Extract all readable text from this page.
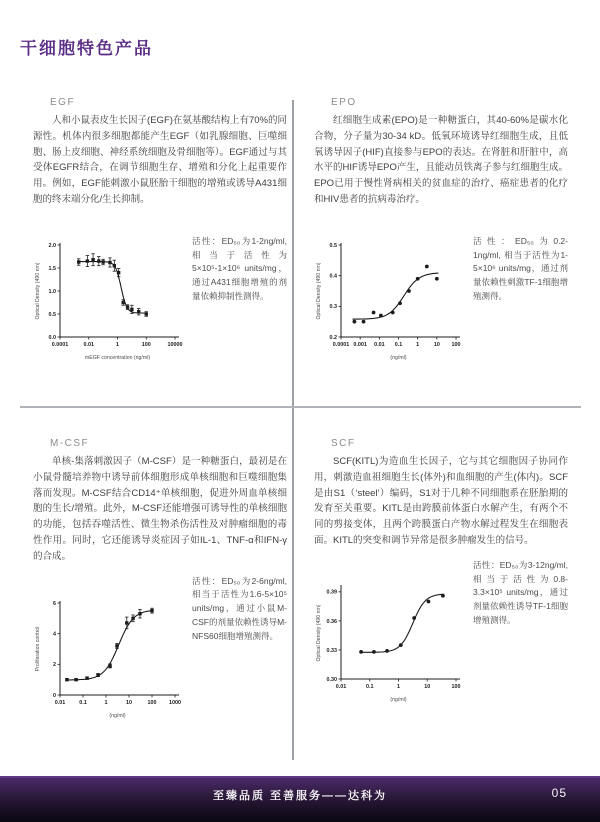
干细胞特色产品
EGF

人和小鼠表皮生长因子(EGF)在氨基酸结构上有70%的同源性。机体内很多细胞都能产生EGF（如乳腺细胞、巨噬细胞、肠上皮细胞、神经系统细胞及骨细胞等）。EGF通过与其受体EGFR结合，在调节细胞生存、增殖和分化上起重要作用。例如，EGF能刺激小鼠胚胎干细胞的增殖或诱导A431细胞的终末端分化/生长抑制。

0.0001	0.01	1	100	10000
0.0
0.5
1.0
1.5
2.0
mEGF concentration (ng/ml)
Optical Density (490 nm)
活性：ED₅₀为1-2ng/ml, 相当于活性为5×10⁵-1×10⁶ units/mg，通过A431细胞增殖的剂量依赖抑制性测得。
EPO

红细胞生成素(EPO)是一种糖蛋白，其40-60%是碳水化合物，分子量为30-34 kD。低氧环境诱导红细胞生成，且低氧诱导因子(HIF)直接参与EPO的表达。在肾脏和肝脏中，高水平的HIF诱导EPO产生，且能动员铁离子参与红细胞生成。EPO已用于慢性肾病相关的贫血症的治疗、癌症患者的化疗和HIV患者的抗病毒治疗。

0.0001 0.001 0.01 0.1	1	10 100
0.2
0.3
0.4
0.5
(ng/ml)
Optical Density (490 nm)
活性：ED₅₀为0.2-1ng/ml, 相当于活性为1-5×10⁶ units/mg，通过剂量依赖性刺激TF-1细胞增殖测得。
M-CSF

单核-集落刺激因子（M-CSF）是一种糖蛋白，最初是在小鼠骨髓培养物中诱导前体细胞形成单核细胞和巨噬细胞集落而发现。M-CSF结合CD14⁺单核细胞，促进外周血单核细胞的生长/增殖。此外，M-CSF还能增强可诱导性的单核细胞的功能，包括吞噬活性、微生物杀伤活性及对肿瘤细胞的毒性作用。同时，它还能诱导炎症因子如IL-1、TNF-α和IFN-γ的合成。

0.01	0.1	1	10	100 1000
0
2
4
6
(ng/ml)
Proliferation control
活性：ED₅₀为2-6ng/ml, 相当于活性为1.6-5×10⁵ units/mg，通过小鼠M-CSF的剂量依赖性诱导M-NFS60细胞增殖测得。
SCF

SCF(KITL)为造血生长因子，它与其它细胞因子协同作用，刺激造血祖细胞生长(体外)和血细胞的产生(体内)。SCF是由S1（‘steel’）编码，S1对于几种不同细胞系在胚胎期的发育至关重要。KITL是由跨膜前体蛋白水解产生，有两个不同的剪接变体，且两个跨膜蛋白产物水解过程发生在细胞表面。KITL的突变和调节异常是很多肿瘤发生的信号。

0.01	0.1	1	10	100
0.30
0.33
0.36
0.39
(ng/ml)
Optical Density (490 nm)
活性：ED₅₀为3-12ng/ml, 相当于活性为0.8-3.3×10⁵ units/mg，通过剂量依赖性诱导TF-1细胞增殖测得。
至臻品质 至善服务——达科为	05
